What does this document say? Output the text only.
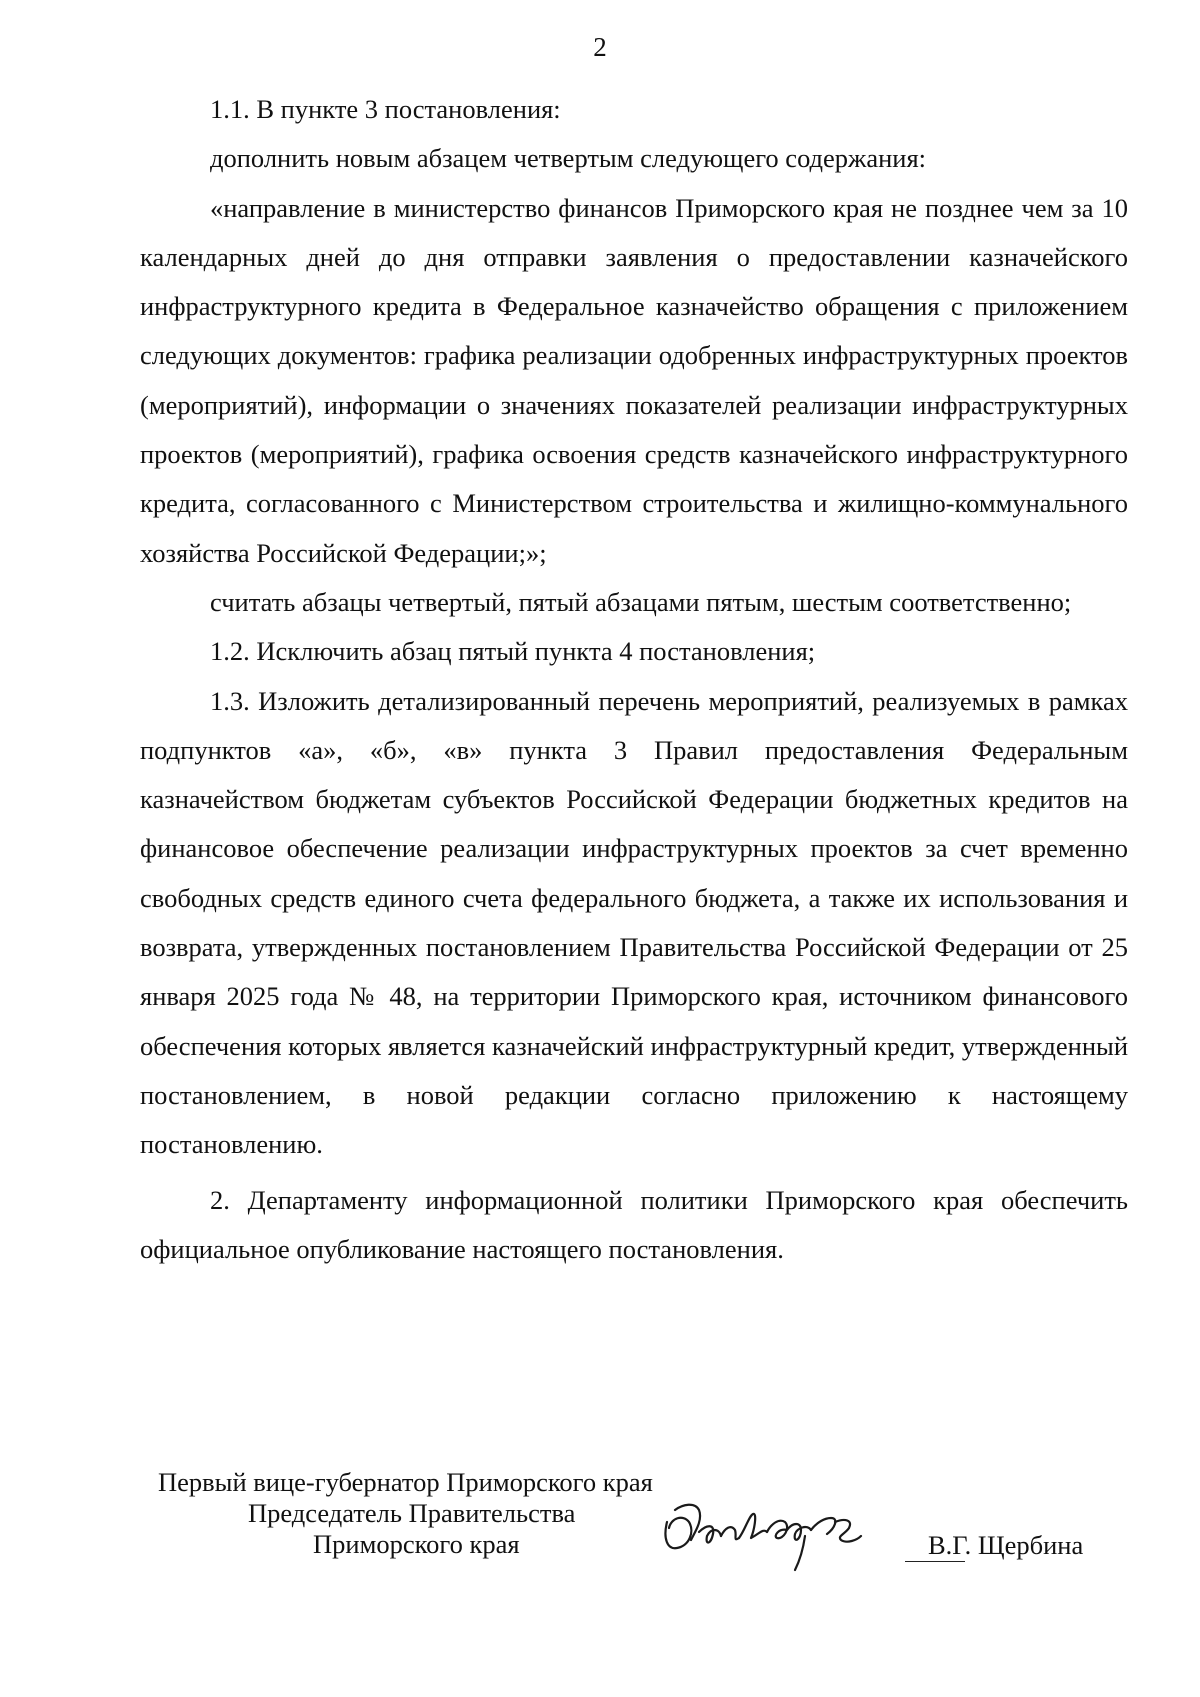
2

1.1. В пункте 3 постановления:

дополнить новым абзацем четвертым следующего содержания:

«направление в министерство финансов Приморского края не позднее чем за 10 календарных дней до дня отправки заявления о предоставлении казначейского инфраструктурного кредита в Федеральное казначейство обращения с приложением следующих документов: графика реализации одобренных инфраструктурных проектов (мероприятий), информации о значениях показателей реализации инфраструктурных проектов (мероприятий), графика освоения средств казначейского инфраструктурного кредита, согласованного с Министерством строительства и жилищно-коммунального хозяйства Российской Федерации;»;

считать абзацы четвертый, пятый абзацами пятым, шестым соответственно;

1.2. Исключить абзац пятый пункта 4 постановления;

1.3. Изложить детализированный перечень мероприятий, реализуемых в рамках подпунктов «а», «б», «в» пункта 3 Правил предоставления Федеральным казначейством бюджетам субъектов Российской Федерации бюджетных кредитов на финансовое обеспечение реализации инфраструктурных проектов за счет временно свободных средств единого счета федерального бюджета, а также их использования и возврата, утвержденных постановлением Правительства Российской Федерации от 25 января 2025 года № 48, на территории Приморского края, источником финансового обеспечения которых является казначейский инфраструктурный кредит, утвержденный постановлением, в новой редакции согласно приложению к настоящему постановлению.

2. Департаменту информационной политики Приморского края обеспечить официальное опубликование настоящего постановления.

Первый вице-губернатор Приморского края
Председатель Правительства
Приморского края	В.Г. Щербина
